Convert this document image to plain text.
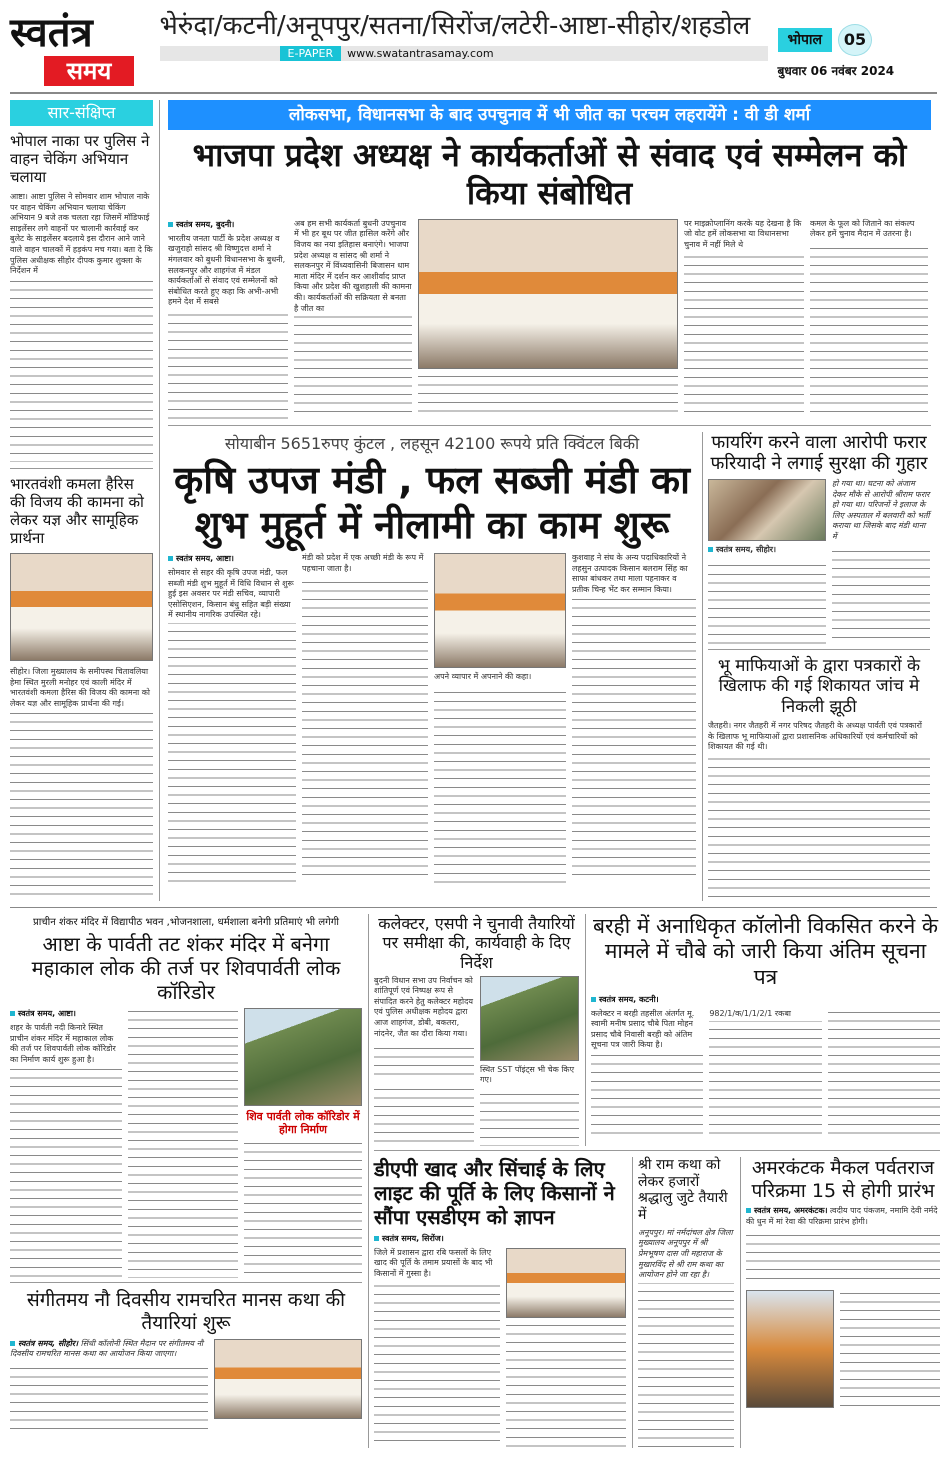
स्वतंत्र
समय
भेरुंदा/कटनी/अनूपपुर/सतना/सिरोंज/लटेरी-आष्टा-सीहोर/शहडोल
E-PAPER www.swatantrasamay.com
भोपाल	05
बुधवार 06 नवंबर 2024
सार-संक्षिप्त
भोपाल नाका पर पुलिस ने वाहन चेकिंग अभियान चलाया

आष्टा। आष्टा पुलिस ने सोमवार शाम भोपाल नाके पर वाहन चेकिंग अभियान चलाया चेकिंग अभियान 9 बजे तक चलता रहा जिसमें मॉडिफाई साइलेंसर लगे वाहनों पर चालानी कार्रवाई कर बुलेट के साइलेंसर बदलाये इस दौरान आने जाने वाले वाहन चालकों में हड़कंप मच गया। बता दे कि पुलिस अधीक्षक सीहोर दीपक कुमार शुक्ला के निर्देशन में

भारतवंशी कमला हैरिस की विजय की कामना को लेकर यज्ञ और सामूहिक प्रार्थना

सीहोर। जिला मुख्यालय के समीपस्थ चितावलिया हेमा स्थित मुरली मनोहर एवं काली मंदिर में भारतवंशी कमला हैरिस की विजय की कामना को लेकर यज्ञ और सामूहिक प्रार्थना की गई।

लोकसभा, विधानसभा के बाद उपचुनाव में भी जीत का परचम लहरायेंगे : वी डी शर्मा
भाजपा प्रदेश अध्यक्ष ने कार्यकर्ताओं से संवाद एवं सम्मेलन को किया संबोधित
स्वतंत्र समय, बुदनी।

भारतीय जनता पार्टी के प्रदेश अध्यक्ष व खजुराहो सांसद श्री विष्णुदत्त शर्मा ने मंगलवार को बुधनी विधानसभा के बुधनी, सलकनपुर और शाहगंज में मंडल कार्यकर्ताओं से संवाद एवं सम्मेलनों को संबोधित करते हुए कहा कि अभी-अभी हमने देश में सबसे

अब हम सभी कार्यकर्ता बुधनी उपचुनाव में भी हर बूथ पर जीत हासिल करेंगे और विजय का नया इतिहास बनाएंगे। भाजपा प्रदेश अध्यक्ष व सांसद श्री शर्मा ने सलकनपुर में विंध्यवासिनी बिजासन धाम माता मंदिर में दर्शन कर आशीर्वाद प्राप्त किया और प्रदेश की खुशहाली की कामना की। कार्यकर्ताओं की सक्रियता से बनता है जीत का

पर माइक्रोप्लानिंग करके यह देखना है कि जो वोट हमें लोकसभा या विधानसभा चुनाव में नहीं मिले थे

कमल के फूल को जिताने का संकल्प लेकर हमें चुनाव मैदान में उतरना है।

सोयाबीन 5651रुपए कुंटल , लहसून 42100 रूपये प्रति क्विंटल बिकी
कृषि उपज मंडी , फल सब्जी मंडी का शुभ मुहूर्त में नीलामी का काम शुरू
स्वतंत्र समय, आष्टा।

सोमवार से सहर की कृषि उपज मंडी, फल सब्जी मंडी शुभ मुहूर्त में विधि विधान से शुरू हुई इस अवसर पर मंडी सचिव, व्यापारी एसोसिएशन, किसान बंधु सहित बड़ी संख्या में स्थानीय नागरिक उपस्थित रहे।

मंडी को प्रदेश में एक अच्छी मंडी के रूप में पहचाना जाता है।

अपने व्यापार में अपनाने की कहा।

कुशवाह ने संघ के अन्य पदाधिकारियों ने लहसुन उत्पादक किसान बलराम सिंह का साफा बांधकर तथा माला पहनाकर व प्रतीक चिन्ह भेंट कर सम्मान किया।

फायरिंग करने वाला आरोपी फरार फरियादी ने लगाई सुरक्षा की गुहार

स्वतंत्र समय, सीहोर।

हो गया था। घटना को अंजाम देकर मौके से आरोपी श्रीराम फरार हो गया था। परिजनों ने इलाज के लिए अस्पताल में बलवारी को भर्ती कराया था जिसके बाद मंडी थाना में

भू माफियाओं के द्वारा पत्रकारों के खिलाफ की गई शिकायत जांच मे निकली झूठी

जैतहरी। नगर जैतहरी में नगर परिषद जैतहरी के अध्यक्ष पार्वती एवं पत्रकारों के खिलाफ भू माफियाओं द्वारा प्रशासनिक अधिकारियों एवं कर्मचारियों को शिकायत की गई थी।

प्राचीन शंकर मंदिर में विद्यापीठ भवन ,भोजनशाला, धर्मशाला बनेगी प्रतिमाएं भी लगेगी
आष्टा के पार्वती तट शंकर मंदिर में बनेगा महाकाल लोक की तर्ज पर शिवपार्वती लोक कॉरिडोर
स्वतंत्र समय, आष्टा।

शहर के पार्वती नदी किनारे स्थित प्राचीन शंकर मंदिर में महाकाल लोक की तर्ज पर शिवपार्वती लोक कॉरिडोर का निर्माण कार्य शुरू हुआ है।

शिव पार्वती लोक कॉरिडोर में होगा निर्माण
संगीतमय नौ दिवसीय रामचरित मानस कथा की तैयारियां शुरू

स्वतंत्र समय, सीहोर। सिंधी कॉलोनी स्थित मैदान पर संगीतमय नौ दिवसीय रामचरित मानस कथा का आयोजन किया जाएगा।

कलेक्टर, एसपी ने चुनावी तैयारियों पर समीक्षा की, कार्यवाही के दिए निर्देश

बुदनी विधान सभा उप निर्वाचन को शांतिपूर्ण एवं निष्पक्ष रूप से संपादित करने हेतु कलेक्टर महोदय एवं पुलिस अधीक्षक महोदय द्वारा आज शाहगंज, डोबी, बकतरा, नांदनेर, जैत का दौरा किया गया।

स्थित SST पॉइंट्स भी चेक किए गए।

बरही में अनाधिकृत कॉलोनी विकसित करने के मामले में चौबे को जारी किया अंतिम सूचना पत्र
स्वतंत्र समय, कटनी।

कलेक्टर न बरही तहसील अंतर्गत मू. स्वामी मनीष प्रसाद चौबे पिता मोहन प्रसाद चौबे निवासी बरही को अंतिम सूचना पत्र जारी किया है।

982/1/क/1/1/2/1 रकबा

डीएपी खाद और सिंचाई के लिए लाइट की पूर्ति के लिए किसानों ने सौंपा एसडीएम को ज्ञापन
स्वतंत्र समय, सिरोंज।

जिले में प्रशासन द्वारा रबि फसलों के लिए खाद की पूर्ति के तमाम प्रयासों के बाद भी किसानों में गुस्सा है।

श्री राम कथा को लेकर हजारों श्रद्धालु जुटे तैयारी में

अनूपपुर। मां नर्मदांचल क्षेत्र जिला मुख्यालय अनूपपुर में श्री प्रेमभूषण दास जी महाराज के मुखारविंद से श्री राम कथा का आयोजन होने जा रहा है।

अमरकंटक मैकल पर्वतराज परिक्रमा 15 से होगी प्रारंभ

स्वतंत्र समय, अमरकंटक। त्वदीय पाद पंकजम, नमामि देवी नर्मदे की धुन में मां रेवा की परिक्रमा प्रारंभ होगी।
